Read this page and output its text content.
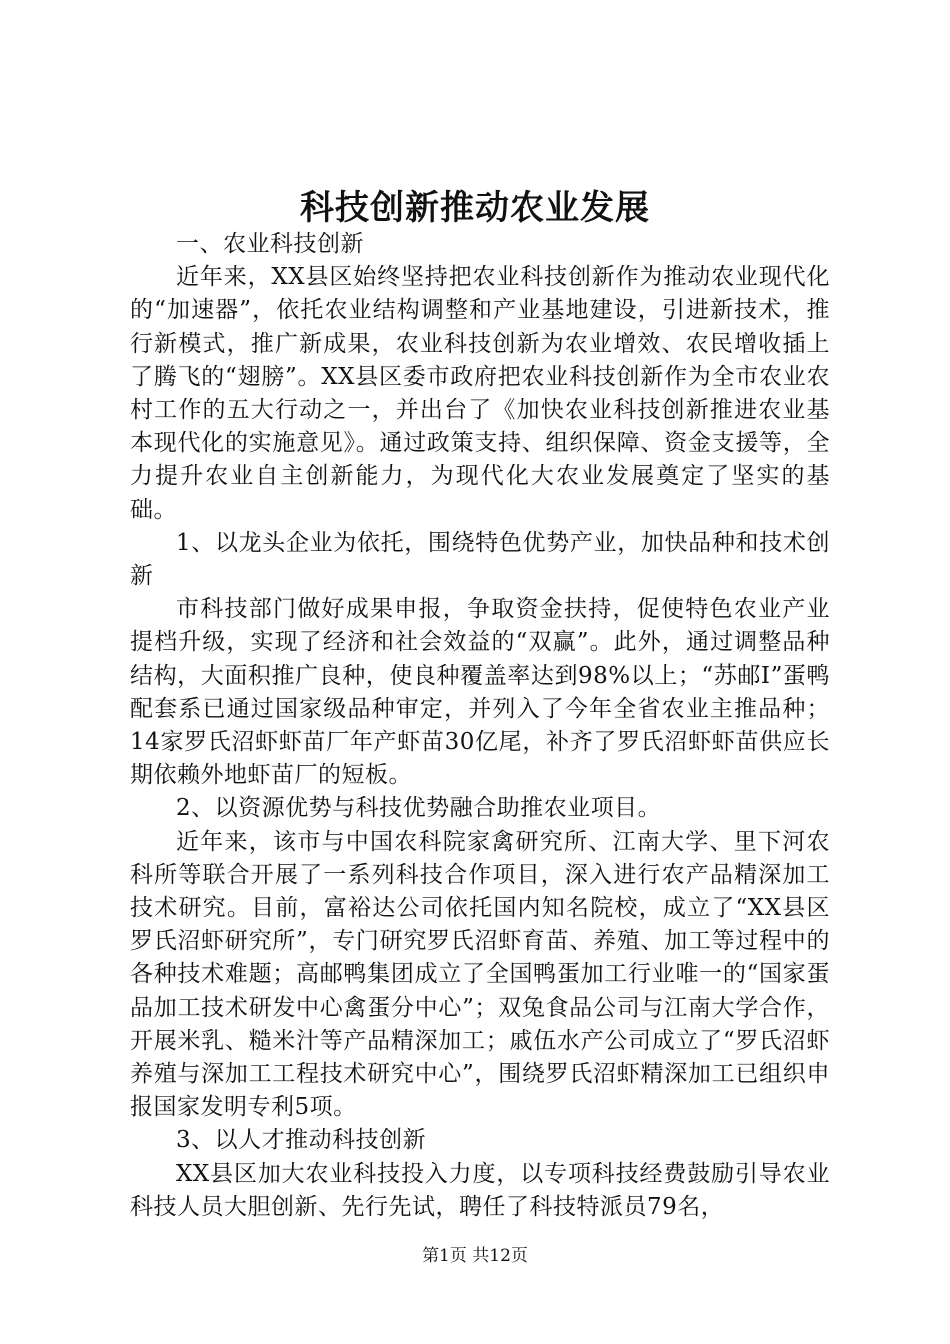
科技创新推动农业发展

一、农业科技创新

近年来，XX县区始终坚持把农业科技创新作为推动农业现代化的“加速器”，依托农业结构调整和产业基地建设，引进新技术，推行新模式，推广新成果，农业科技创新为农业增效、农民增收插上了腾飞的“翅膀”。XX县区委市政府把农业科技创新作为全市农业农村工作的五大行动之一，并出台了《加快农业科技创新推进农业基本现代化的实施意见》。通过政策支持、组织保障、资金支援等，全力提升农业自主创新能力，为现代化大农业发展奠定了坚实的基础。

1、以龙头企业为依托，围绕特色优势产业，加快品种和技术创新

市科技部门做好成果申报，争取资金扶持，促使特色农业产业提档升级，实现了经济和社会效益的“双赢”。此外，通过调整品种结构，大面积推广良种，使良种覆盖率达到98%以上；“苏邮Ⅰ”蛋鸭配套系已通过国家级品种审定，并列入了今年全省农业主推品种；14家罗氏沼虾虾苗厂年产虾苗30亿尾，补齐了罗氏沼虾虾苗供应长期依赖外地虾苗厂的短板。

2、以资源优势与科技优势融合助推农业项目。

近年来，该市与中国农科院家禽研究所、江南大学、里下河农科所等联合开展了一系列科技合作项目，深入进行农产品精深加工技术研究。目前，富裕达公司依托国内知名院校，成立了“XX县区罗氏沼虾研究所”，专门研究罗氏沼虾育苗、养殖、加工等过程中的各种技术难题；高邮鸭集团成立了全国鸭蛋加工行业唯一的“国家蛋品加工技术研发中心禽蛋分中心”；双兔食品公司与江南大学合作，开展米乳、糙米汁等产品精深加工；戚伍水产公司成立了“罗氏沼虾养殖与深加工工程技术研究中心”，围绕罗氏沼虾精深加工已组织申报国家发明专利5项。

3、以人才推动科技创新

XX县区加大农业科技投入力度，以专项科技经费鼓励引导农业科技人员大胆创新、先行先试，聘任了科技特派员79名，

第1页 共12页
